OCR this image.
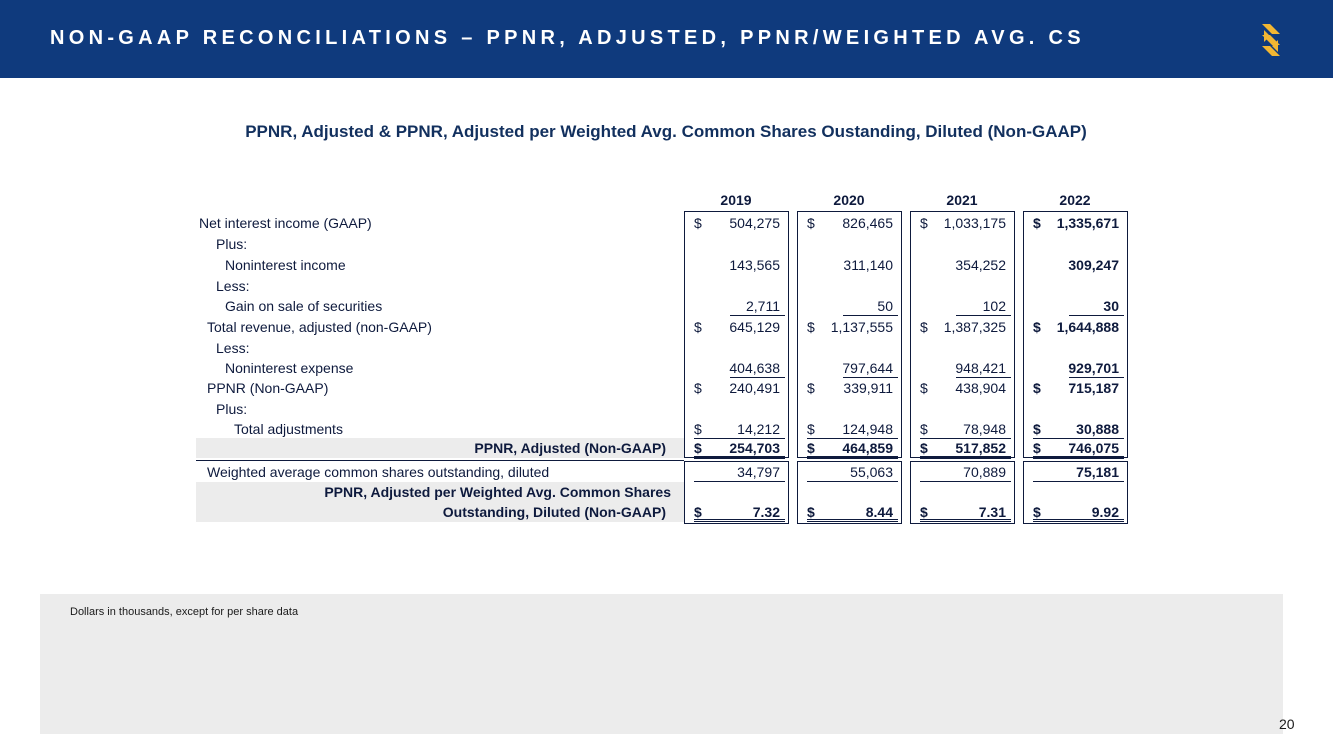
NON-GAAP RECONCILIATIONS – PPNR, ADJUSTED, PPNR/WEIGHTED AVG. CS
PPNR, Adjusted & PPNR, Adjusted per Weighted Avg. Common Shares Oustanding, Diluted (Non-GAAP)
2019	2020	2021	2022
Net interest income (GAAP)	$ 504,275 $ 826,465 $ 1,033,175 $ 1,335,671
Plus:
Noninterest income	143,565	311,140	354,252	309,247
Less:
Gain on sale of securities	2,711	50	102	30
Total revenue, adjusted (non-GAAP)	$ 645,129 $ 1,137,555 $ 1,387,325 $ 1,644,888
Less:
Noninterest expense	404,638	797,644	948,421	929,701
PPNR (Non-GAAP)	$ 240,491 $ 339,911 $ 438,904 $ 715,187
Plus:
Total adjustments	$	14,212 $ 124,948 $	78,948 $	30,888
PPNR, Adjusted (Non-GAAP) $ 254,703 $ 464,859 $ 517,852 $ 746,075
Weighted average common shares outstanding, diluted	34,797	55,063	70,889	75,181
PPNR, Adjusted per Weighted Avg. Common Shares
Outstanding, Diluted (Non-GAAP) $	7.32 $	8.44 $	7.31 $	9.92
Dollars in thousands, except for per share data
20
